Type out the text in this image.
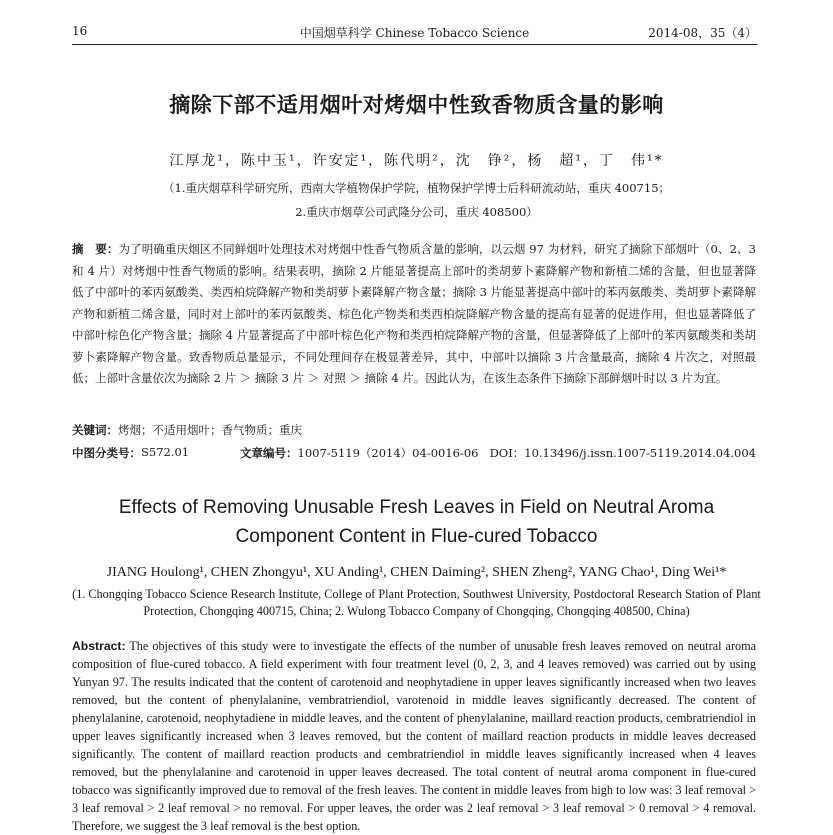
16	中国烟草科学 Chinese Tobacco Science	2014-08，35（4）
摘除下部不适用烟叶对烤烟中性致香物质含量的影响
江厚龙¹，陈中玉¹，许安定¹，陈代明²，沈　铮²，杨　超¹，丁　伟¹*
（1.重庆烟草科学研究所，西南大学植物保护学院，植物保护学博士后科研流动站，重庆 400715；
2.重庆市烟草公司武隆分公司，重庆 408500）
摘　要：为了明确重庆烟区不同鲜烟叶处理技术对烤烟中性香气物质含量的影响，以云烟 97 为材料，研究了摘除下部烟叶（0、2、3和 4 片）对烤烟中性香气物质的影响。结果表明，摘除 2 片能显著提高上部叶的类胡萝卜素降解产物和新植二烯的含量，但也显著降低了中部叶的苯丙氨酸类、类西柏烷降解产物和类胡萝卜素降解产物含量；摘除 3 片能显著提高中部叶的苯丙氨酸类、类胡萝卜素降解产物和新植二烯含量，同时对上部叶的苯丙氨酸类、棕色化产物类和类西柏烷降解产物含量的提高有显著的促进作用，但也显著降低了中部叶棕色化产物含量；摘除 4 片显著提高了中部叶棕色化产物和类西柏烷降解产物的含量，但显著降低了上部叶的苯丙氨酸类和类胡萝卜素降解产物含量。致香物质总量显示，不同处理间存在极显著差异，其中，中部叶以摘除 3 片含量最高，摘除 4 片次之，对照最低；上部叶含量依次为摘除 2 片 ＞ 摘除 3 片 ＞ 对照 ＞ 摘除 4 片。因此认为，在该生态条件下摘除下部鲜烟叶时以 3 片为宜。
关键词：烤烟；不适用烟叶；香气物质；重庆
中图分类号： S572.01	文章编号： 1007-5119（2014）04-0016-06 DOI：10.13496/j.issn.1007-5119.2014.04.004
Effects of Removing Unusable Fresh Leaves in Field on Neutral Aroma
Component Content in Flue-cured Tobacco
JIANG Houlong¹, CHEN Zhongyu¹, XU Anding¹, CHEN Daiming², SHEN Zheng², YANG Chao¹, Ding Wei¹*
(1. Chongqing Tobacco Science Research Institute, College of Plant Protection, Southwest University, Postdoctoral Research Station of Plant Protection, Chongqing 400715, China; 2. Wulong Tobacco Company of Chongqing, Chongqing 408500, China)
Abstract: The objectives of this study were to investigate the effects of the number of unusable fresh leaves removed on neutral aroma composition of flue-cured tobacco. A field experiment with four treatment level (0, 2, 3, and 4 leaves removed) was carried out by using Yunyan 97. The results indicated that the content of carotenoid and neophytadiene in upper leaves significantly increased when two leaves removed, but the content of phenylalanine, vembratriendiol, varotenoid in middle leaves significantly decreased. The content of phenylalanine, carotenoid, neophytadiene in middle leaves, and the content of phenylalanine, maillard reaction products, cembratriendiol in upper leaves significantly increased when 3 leaves removed, but the content of maillard reaction products in middle leaves decreased significantly. The content of maillard reaction products and cembratriendiol in middle leaves significantly increased when 4 leaves removed, but the phenylalanine and carotenoid in upper leaves decreased. The total content of neutral aroma component in flue-cured tobacco was significantly improved due to removal of the fresh leaves. The content in middle leaves from high to low was: 3 leaf removal > 3 leaf removal > 2 leaf removal > no removal. For upper leaves, the order was 2 leaf removal > 3 leaf removal > 0 removal > 4 removal. Therefore, we suggest the 3 leaf removal is the best option.
